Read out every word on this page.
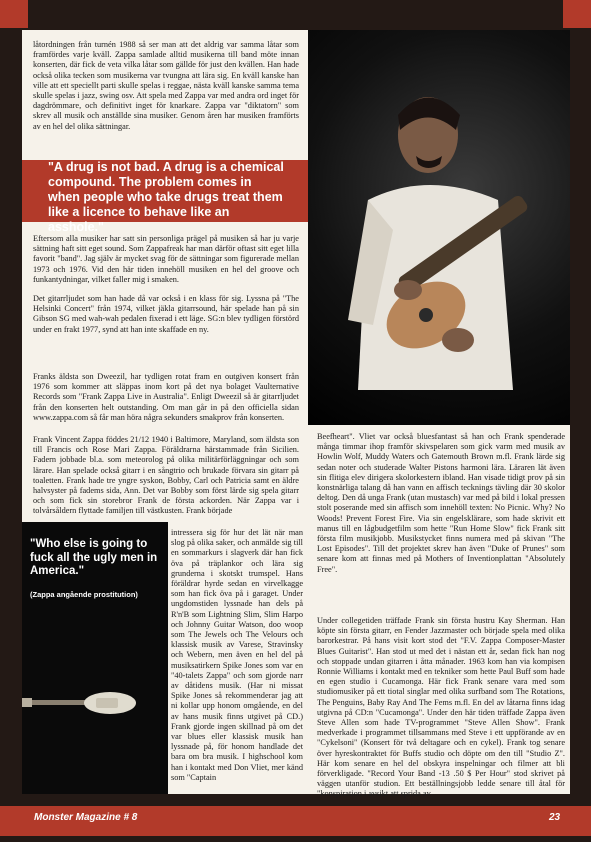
låtordningen från turnén 1988 så ser man att det aldrig var samma låtar som framfördes varje kväll. Zappa samlade alltid musikerna till band möte innan konserten, där fick de veta vilka låtar som gällde för just den kvällen. Han hade också olika tecken som musikerna var tvungna att lära sig. En kväll kanske han ville att ett speciellt parti skulle spelas i reggae, nästa kväll kanske samma tema skulle spelas i jazz, swing osv. Att spela med Zappa var med andra ord inget för dagdrömmare, och definitivt inget för knarkare. Zappa var "diktatorn" som skrev all musik och anställde sina musiker. Genom åren har musiken framförts av en hel del olika sättningar.

"A drug is not bad. A drug is a chemical compound. The problem comes in when people who take drugs treat them like a licence to behave like an asshole."

Eftersom alla musiker har satt sin personliga prägel på musiken så har ju varje sättning haft sitt eget sound. Som Zappafreak har man därför oftast sitt eget lilla favorit "band". Jag själv är mycket svag för de sättningar som figurerade mellan 1973 och 1976. Vid den här tiden innehöll musiken en hel del groove och funkantydningar, vilket faller mig i smaken.

Det gitarrljudet som han hade då var också i en klass för sig. Lyssna på "The Helsinki Concert" från 1974, vilket jäkla gitarrsound, här spelade han på sin Gibson SG med wah-wah pedalen fixerad i ett läge. SG:n blev tydligen förstörd under en frakt 1977, synd att han inte skaffade en ny.

Franks äldsta son Dweezil, har tydligen rotat fram en outgiven konsert från 1976 som kommer att släppas inom kort på det nya bolaget Vaulternative Records som "Frank Zappa Live in Australia". Enligt Dweezil så är gitarrljudet från den konserten helt outstanding. Om man går in på den officiella sidan www.zappa.com så får man höra några sekunders smakprov från konserten.

Frank Vincent Zappa föddes 21/12 1940 i Baltimore, Maryland, som äldsta son till Francis och Rose Mari Zappa. Föräldrarna härstammade från Sicilien. Fadern jobbade bl.a. som meteorolog på olika militärförläggningar och som lärare. Han spelade också gitarr i en sångtrio och brukade förvara sin gitarr på toaletten. Frank hade tre yngre syskon, Bobby, Carl och Patricia samt en äldre halvsyster på fadems sida, Ann. Det var Bobby som först lärde sig spela gitarr och som fick sin storebror Frank de första ackorden. När Zappa var i tolvårsåldern flyttade familjen till västkusten. Frank började

Beefheart". Vliet var också bluesfantast så han och Frank spenderade många timmar ihop framför skivspelaren som gick varm med musik av Howlin Wolf, Muddy Waters och Gatemouth Brown m.fl. Frank lärde sig sedan noter och studerade Walter Pistons harmoni lära. Läraren lät även sin flitiga elev dirigera skolorkestern ibland. Han visade tidigt prov på sin konstnärliga talang då han vann en affisch tecknings tävling där 30 skolor deltog. Den då unga Frank (utan mustasch) var med på bild i lokal pressen stolt poserande med sin affisch som innehöll texten: No Picnic. Why? No Woods! Prevent Forest Fire. Via sin engelsklärare, som hade skrivit ett manus till en lågbudgetfilm som hette "Run Home Slow" fick Frank sitt första film musikjobb. Musikstycket finns numera med på skivan "The Lost Episodes". Till det projektet skrev han även "Duke of Prunes" som senare kom att finnas med på Mothers of Inventionplattan "Absolutely Free".

Under collegetiden träffade Frank sin första hustru Kay Sherman. Han köpte sin första gitarr, en Fender Jazzmaster och började spela med olika barorkestrar. På hans visit kort stod det "F.V. Zappa Composer-Master Blues Guitarist". Han stod ut med det i nästan ett år, sedan fick han nog och stoppade undan gitarren i åtta månader. 1963 kom han via kompisen Ronnie Williams i kontakt med en tekniker som hette Paul Buff som hade en egen studio i Cucamonga. Här fick Frank senare vara med som studiomusiker på ett tiotal singlar med olika surfband som The Rotations, The Penguins, Baby Ray And The Fems m.fl. En del av låtarna finns idag utgivna på CD:n "Cucamonga". Under den här tiden träffade Zappa även Steve Allen som hade TV-programmet "Steve Allen Show". Frank medverkade i programmet tillsammans med Steve i ett uppförande av en "Cykelsoni" (Konsert för två deltagare och en cykel). Frank tog senare över hyreskontraktet för Buffs studio och döpte om den till "Studio Z". Här kom senare en hel del obskyra inspelningar och filmer att bli förverkligade. "Record Your Band -13 .50 $ Per Hour" stod skrivet på väggen utanför studion. Ett beställningsjobb ledde senare till åtal för "konspiration i avsikt att sprida av

intressera sig för hur det lät när man slog på olika saker, och anmälde sig till en sommarkurs i slagverk där han fick öva på träplankor och lära sig grunderna i skotskt trumspel. Hans föräldrar hyrde sedan en virvelkagge som han fick öva på i garaget. Under ungdomstiden lyssnade han dels på R'n'B som Lightning Slim, Slim Harpo och Johnny Guitar Watson, doo woop som The Jewels och The Velours och klassisk musik av Varese, Stravinsky och Webern, men även en hel del på musiksatirkern Spike Jones som var en "40-talets Zappa" och som gjorde narr av dåtidens musik. (Har ni missat Spike Jones så rekommenderar jag att ni kollar upp honom omgående, en del av hans musik finns utgivet på CD.) Frank gjorde ingen skillnad på om det var blues eller klassisk musik han lyssnade på, för honom handlade det bara om bra musik. I highschool kom han i kontakt med Don Vliet, mer känd som "Captain

"Who else is going to fuck all the ugly men in America."
(Zappa angående prostitution)
Monster Magazine # 8	23
